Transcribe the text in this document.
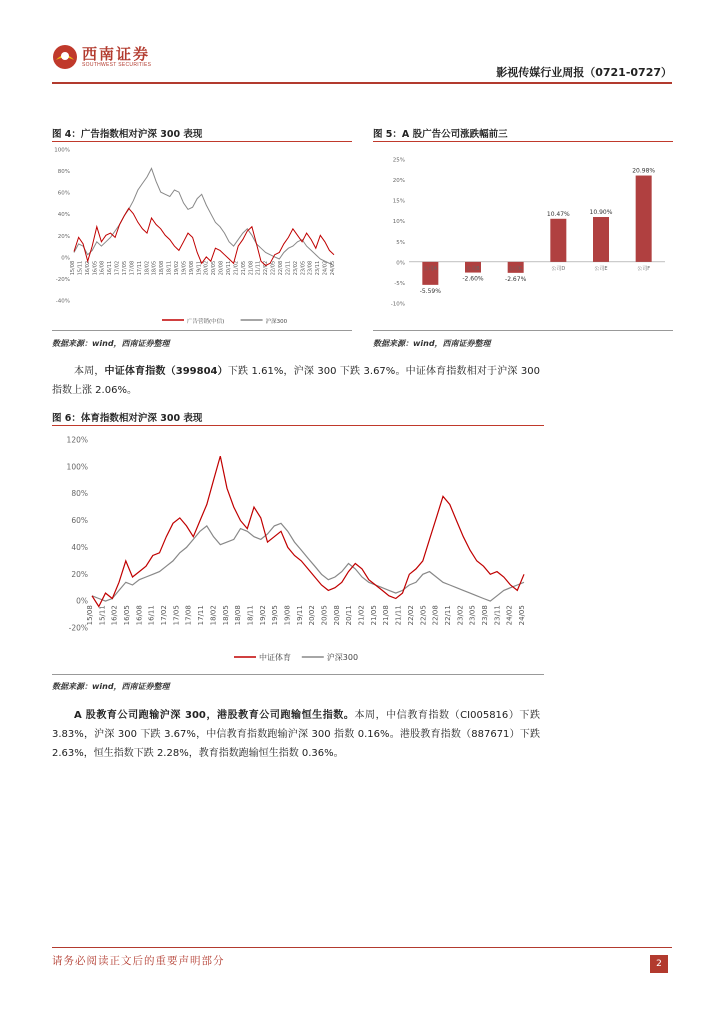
西南证券
SOUTHWEST SECURITIES
影视传媒行业周报（0721-0727）
图 4：广告指数相对沪深 300 表现
100%
80%
60%
40%
20%
0%
-20%
-40%
15/08 15/11 16/02 16/05 16/08 16/11 17/02 17/05 17/08 17/11 18/02 18/05 18/08 18/11 19/02 19/05 19/08 19/11 20/02 20/05 20/08 20/11 21/02 21/05 21/08 21/11 22/02 22/05 22/08 22/11 23/02 23/05 23/08 23/11 24/02 24/05
广告营销(中信)	沪深300
数据来源：wind，西南证券整理
图 5：A 股广告公司涨跌幅前三
25%
20%
15%
10%
5%
0%
-5%
-10%
-5.59%
公司A
-2.60%
公司B
-2.67%
公司C
10.47%
公司D
10.90%
公司E
20.98%
公司F
数据来源：wind，西南证券整理
本周，中证体育指数（399804）下跌 1.61%，沪深 300 下跌 3.67%。中证体育指数相对于沪深 300 指数上涨 2.06%。
图 6：体育指数相对沪深 300 表现
120%
100%
80%
60%
40%
20%
0%
-20%
15/08 15/11 16/02 16/05 16/08 16/11 17/02 17/05 17/08 17/11 18/02 18/05 18/08 18/11 19/02 19/05 19/08 19/11 20/02 20/05 20/08 20/11 21/02 21/05 21/08 21/11 22/02 22/05 22/08 22/11 23/02 23/05 23/08 23/11 24/02 24/05
中证体育	沪深300
数据来源：wind，西南证券整理
A 股教育公司跑输沪深 300，港股教育公司跑输恒生指数。本周，中信教育指数（CI005816）下跌 3.83%，沪深 300 下跌 3.67%，中信教育指数跑输沪深 300 指数 0.16%。港股教育指数（887671）下跌 2.63%，恒生指数下跌 2.28%，教育指数跑输恒生指数 0.36%。
请务必阅读正文后的重要声明部分	2
